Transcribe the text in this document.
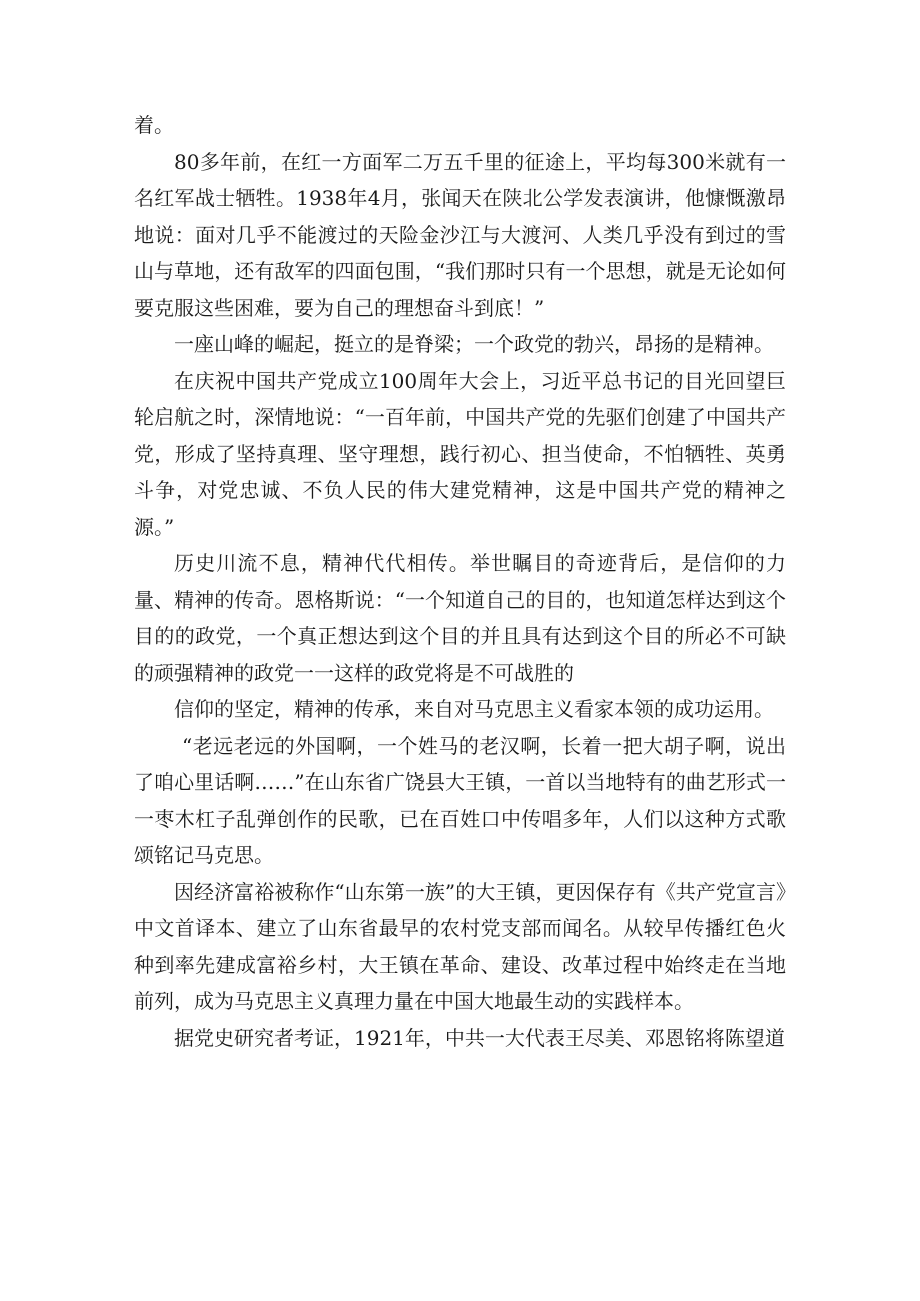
着。

80多年前，在红一方面军二万五千里的征途上，平均每300米就有一名红军战士牺牲。1938年4月，张闻天在陕北公学发表演讲，他慷慨激昂地说：面对几乎不能渡过的天险金沙江与大渡河、人类几乎没有到过的雪山与草地，还有敌军的四面包围，“我们那时只有一个思想，就是无论如何要克服这些困难，要为自己的理想奋斗到底！”

一座山峰的崛起，挺立的是脊梁；一个政党的勃兴，昂扬的是精神。

在庆祝中国共产党成立100周年大会上，习近平总书记的目光回望巨轮启航之时，深情地说：“一百年前，中国共产党的先驱们创建了中国共产党，形成了坚持真理、坚守理想，践行初心、担当使命，不怕牺牲、英勇斗争，对党忠诚、不负人民的伟大建党精神，这是中国共产党的精神之源。”

历史川流不息，精神代代相传。举世瞩目的奇迹背后，是信仰的力量、精神的传奇。恩格斯说：“一个知道自己的目的，也知道怎样达到这个目的的政党，一个真正想达到这个目的并且具有达到这个目的所必不可缺的顽强精神的政党一一这样的政党将是不可战胜的

信仰的坚定，精神的传承，来自对马克思主义看家本领的成功运用。

“老远老远的外国啊，一个姓马的老汉啊，长着一把大胡子啊，说出了咱心里话啊……”在山东省广饶县大王镇，一首以当地特有的曲艺形式一一枣木杠子乱弹创作的民歌，已在百姓口中传唱多年，人们以这种方式歌颂铭记马克思。

因经济富裕被称作“山东第一族”的大王镇，更因保存有《共产党宣言》中文首译本、建立了山东省最早的农村党支部而闻名。从较早传播红色火种到率先建成富裕乡村，大王镇在革命、建设、改革过程中始终走在当地前列，成为马克思主义真理力量在中国大地最生动的实践样本。

据党史研究者考证，1921年，中共一大代表王尽美、邓恩铭将陈望道
